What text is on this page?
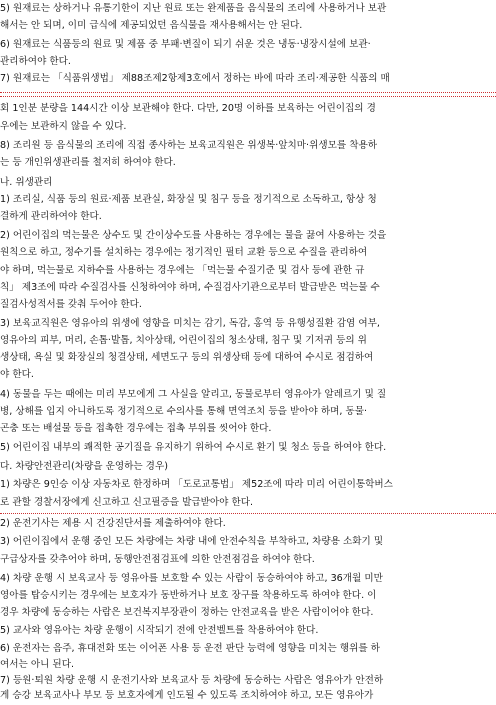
5) 원재료는 상하거나 유통기한이 지난 원료 또는 완제품을 음식물의 조리에 사용하거나 보관
해서는 안 되며, 이미 급식에 제공되었던 음식물을 재사용해서는 안 된다.
6) 원재료는 식품등의 원료 및 제품 중 부패·변질이 되기 쉬운 것은 냉동·냉장시설에 보관·
관리하여야 한다.
7) 원재료는 「식품위생법」 제88조제2항제3호에서 정하는 바에 따라 조리·제공한 식품의 매
회 1인분 분량을 144시간 이상 보관해야 한다. 다만, 20명 이하를 보육하는 어린이집의 경
우에는 보관하지 않을 수 있다.
8) 조리원 등 음식물의 조리에 직접 종사하는 보육교직원은 위생복·앞치마·위생모를 착용하
는 등 개인위생관리를 철저히 하여야 한다.
나. 위생관리
1) 조리실, 식품 등의 원료·제품 보관실, 화장실 및 침구 등을 정기적으로 소독하고, 항상 청
결하게 관리하여야 한다.
2) 어린이집의 먹는물은 상수도 및 간이상수도를 사용하는 경우에는 물을 끓여 사용하는 것을
원칙으로 하고, 정수기를 설치하는 경우에는 정기적인 필터 교환 등으로 수질을 관리하여
야 하며, 먹는물로 지하수를 사용하는 경우에는 「먹는물 수질기준 및 검사 등에 관한 규
칙」 제3조에 따라 수질검사를 신청하여야 하며, 수질검사기관으로부터 발급받은 먹는물 수
질검사성적서를 갖춰 두어야 한다.
3) 보육교직원은 영유아의 위생에 영향을 미치는 감기, 독감, 홍역 등 유행성질환 감염 여부,
영유아의 피부, 머리, 손톱·발톱, 치아상태, 어린이집의 청소상태, 침구 및 기저귀 등의 위
생상태, 욕실 및 화장실의 청결상태, 세면도구 등의 위생상태 등에 대하여 수시로 점검하여
야 한다.
4) 동물을 두는 때에는 미리 부모에게 그 사실을 알리고, 동물로부터 영유아가 알레르기 및 질
병, 상해를 입지 아니하도록 정기적으로 수의사를 통해 면역조치 등을 받아야 하며, 동물·
곤충 또는 배설물 등을 접촉한 경우에는 접촉 부위를 씻어야 한다.
5) 어린이집 내부의 쾌적한 공기질을 유지하기 위하여 수시로 환기 및 청소 등을 하여야 한다.
다. 차량안전관리(차량을 운영하는 경우)
1) 차량은 9인승 이상 자동차로 한정하며 「도로교통법」 제52조에 따라 미리 어린이통학버스
로 관할 경찰서장에게 신고하고 신고필증을 발급받아야 한다.
2) 운전기사는 제용 시 건강진단서를 제출하여야 한다.
3) 어린이집에서 운행 중인 모든 차량에는 차량 내에 안전수칙을 부착하고, 차량용 소화기 및
구급상자를 갖추어야 하며, 동행안전점검표에 의한 안전점검을 하여야 한다.
4) 차량 운행 시 보육교사 등 영유아를 보호할 수 있는 사람이 동승하여야 하고, 36개월 미만
영아를 탑승시키는 경우에는 보호자가 동반하거나 보호 장구를 착용하도록 하여야 한다. 이
경우 차량에 동승하는 사람은 보건복지부장관이 정하는 안전교육을 받은 사람이어야 한다.
5) 교사와 영유아는 차량 운행이 시작되기 전에 안전벨트를 착용하여야 한다.
6) 운전자는 음주, 휴대전화 또는 이어폰 사용 등 운전 판단 능력에 영향을 미치는 행위를 하
여서는 아니 된다.
7) 등원·퇴원 차량 운행 시 운전기사와 보육교사 등 차량에 동승하는 사람은 영유아가 안전하
게 승강 보육교사나 부모 등 보호자에게 인도될 수 있도록 조치하여야 하고, 모든 영유아가
